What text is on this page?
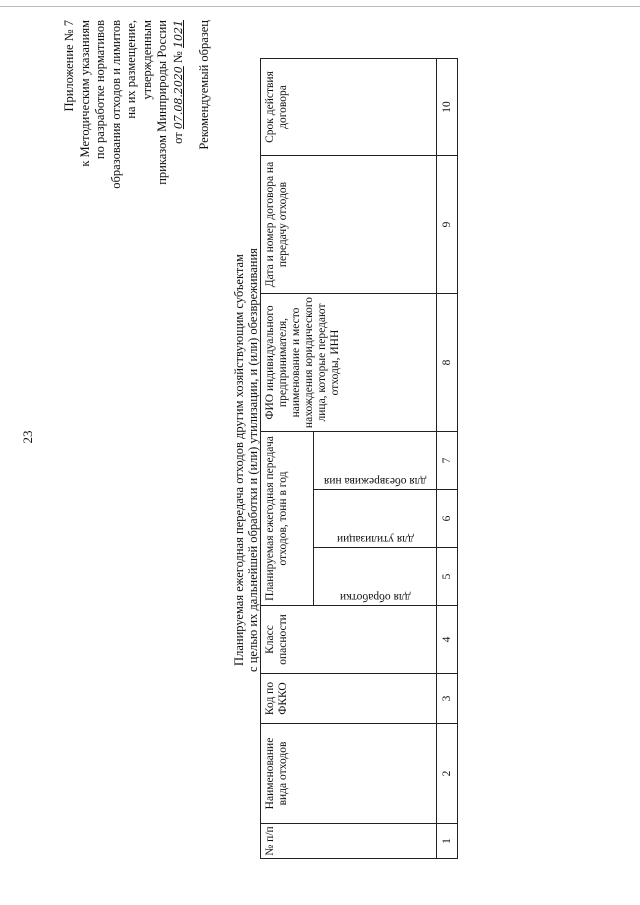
23
Приложение № 7 к Методическим указаниям по разработке нормативов образования отходов и лимитов на их размещение, утвержденным приказом Минприроды России от 07.08.2020 № 1021 Рекомендуемый образец
Планируемая ежегодная передача отходов другим хозяйствующим субъектам с целью их дальнейшей обработки и (или) утилизации, и (или) обезвреживания
№ п/п	Наименование вида отходов	Код по ФККО	Класс опасности	Планируемая ежегодная передача отходов, тонн в год			ФИО индивидуального предпринимателя, наименование и место нахождения юридического лица, которые передают отходы, ИНН	Дата и номер договора на передачу отходов	Срок действия договора

				для обработки	для утилизации	для обезврежива ния			

1	2	3	4	5	6	7	8	9	10
